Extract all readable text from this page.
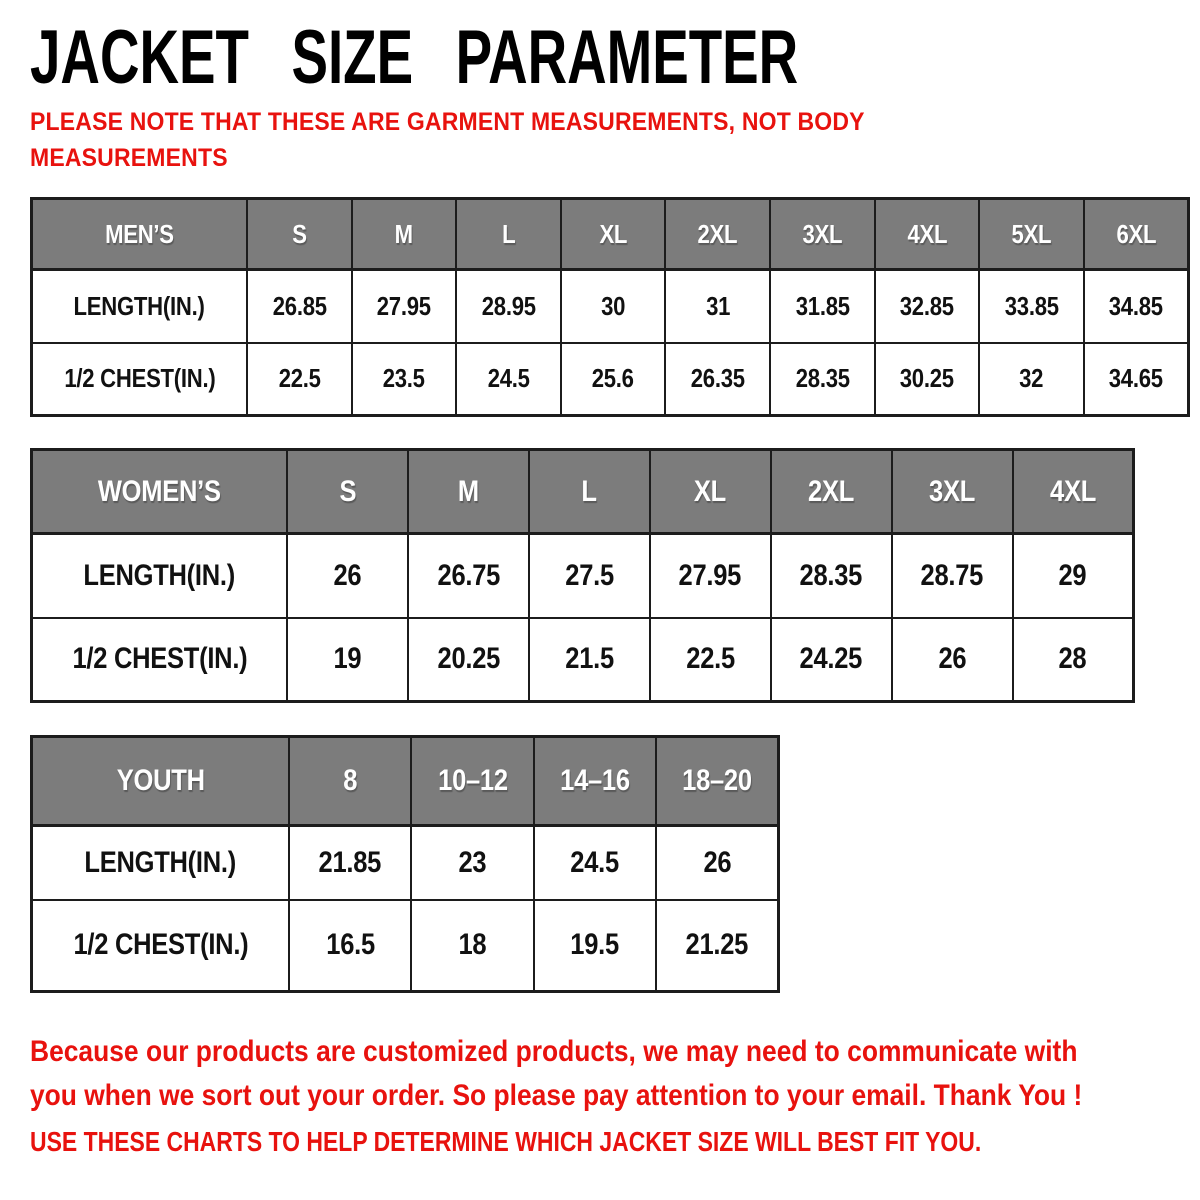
JACKET SIZE PARAMETER
PLEASE NOTE THAT THESE ARE GARMENT MEASUREMENTS, NOT BODY MEASUREMENTS
MEN’S	S	M	L	XL	2XL	3XL	4XL	5XL	6XL
LENGTH(IN.)	26.85	27.95	28.95	30	31	31.85	32.85	33.85	34.85
1/2 CHEST(IN.)	22.5	23.5	24.5	25.6	26.35	28.35	30.25	32	34.65
WOMEN’S	S	M	L	XL	2XL	3XL	4XL
LENGTH(IN.)	26	26.75	27.5	27.95	28.35	28.75	29
1/2 CHEST(IN.)	19	20.25	21.5	22.5	24.25	26	28
YOUTH	8	10–12	14–16	18–20
LENGTH(IN.)	21.85	23	24.5	26
1/2 CHEST(IN.)	16.5	18	19.5	21.25
Because our products are customized products, we may need to communicate with you when we sort out your order. So please pay attention to your email. Thank You !
USE THESE CHARTS TO HELP DETERMINE WHICH JACKET SIZE WILL BEST FIT YOU.
